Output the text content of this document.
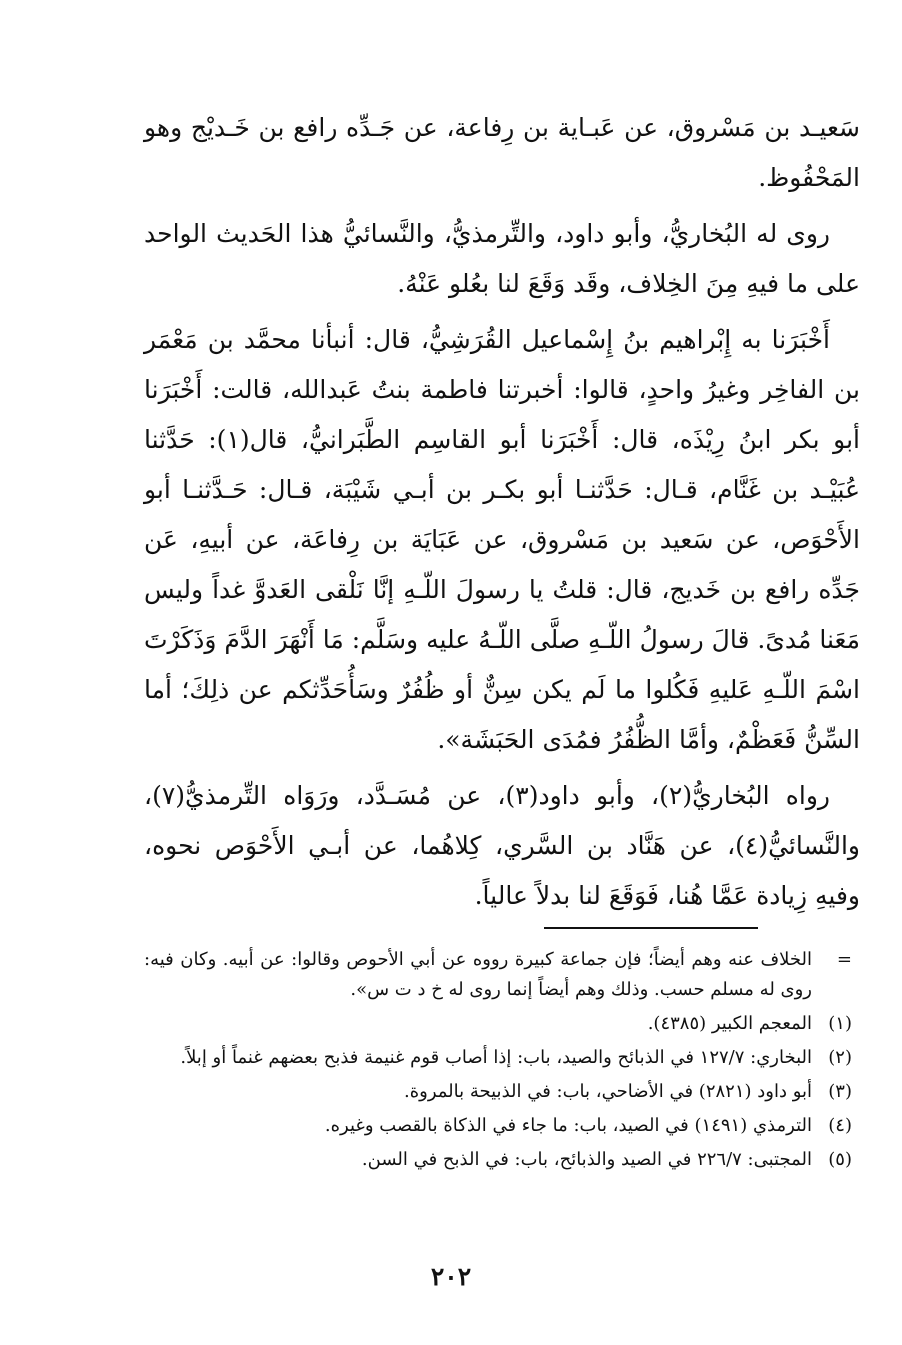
سَعيـد بن مَسْروق، عن عَبـاية بن رِفاعة، عن جَـدِّه رافع بن خَـديْج وهو المَحْفُوظ.

روى له البُخاريُّ، وأبو داود، والتِّرمذيُّ، والنَّسائيُّ هذا الحَديث الواحد على ما فيهِ مِنَ الخِلاف، وقَد وَقَعَ لنا بعُلو عَنْهُ.

أَخْبَرَنا به إِبْراهيم بنُ إِسْماعيل القُرَشِيُّ، قال: أنبأنا محمَّد بن مَعْمَر بن الفاخِر وغيرُ واحدٍ، قالوا: أخبرتنا فاطمة بنتُ عَبدالله، قالت: أَخْبَرَنا أبو بكر ابنُ رِيْذَه، قال: أَخْبَرَنا أبو القاسِم الطَّبَرانيُّ، قال(١): حَدَّثنا عُبَيْـد بن غَنَّام، قـال: حَدَّثنـا أبو بكـر بن أبـي شَيْبَة، قـال: حَـدَّثنـا أبو الأَحْوَص، عن سَعيد بن مَسْروق، عن عَبَايَة بن رِفاعَة، عن أبيهِ، عَن جَدِّه رافع بن خَديج، قال: قلتُ يا رسولَ اللّـهِ إنَّا نَلْقى العَدوَّ غداً وليس مَعَنا مُدىً. قالَ رسولُ اللّـهِ صلَّى اللّـهُ عليه وسَلَّم: مَا أَنْهَرَ الدَّمَ وَذَكَرْتَ اسْمَ اللّـهِ عَليهِ فَكُلوا ما لَم يكن سِنٌّ أو ظُفُرٌ وسَأُحَدِّثكم عن ذلِكَ؛ أما السِّنُّ فَعَظْمٌ، وأمَّا الظُّفُرُ فمُدَى الحَبَشَة».

رواه البُخاريُّ(٢)، وأبو داود(٣)، عن مُسَـدَّد، ورَوَاه التِّرمذيُّ(٧)، والنَّسائيُّ(٤)، عن هَنَّاد بن السَّري، كِلاهُما، عن أبـي الأَحْوَص نحوه، وفيهِ زِيادة عَمَّا هُنا، فَوَقَعَ لنا بدلاً عالياً.

=
الخلاف عنه وهم أيضاً؛ فإن جماعة كبيرة رووه عن أبي الأحوص وقالوا: عن أبيه. وكان فيه: روى له مسلم حسب. وذلك وهم أيضاً إنما روى له خ د ت س».
(١)
المعجم الكبير (٤٣٨٥).
(٢)
البخاري: ١٢٧/٧ في الذبائح والصيد، باب: إذا أصاب قوم غنيمة فذبح بعضهم غنماً أو إبلاً.
(٣)
أبو داود (٢٨٢١) في الأضاحي، باب: في الذبيحة بالمروة.
(٤)
الترمذي (١٤٩١) في الصيد، باب: ما جاء في الذكاة بالقصب وغيره.
(٥)
المجتبى: ٢٢٦/٧ في الصيد والذبائح، باب: في الذبح في السن.
٢٠٢
